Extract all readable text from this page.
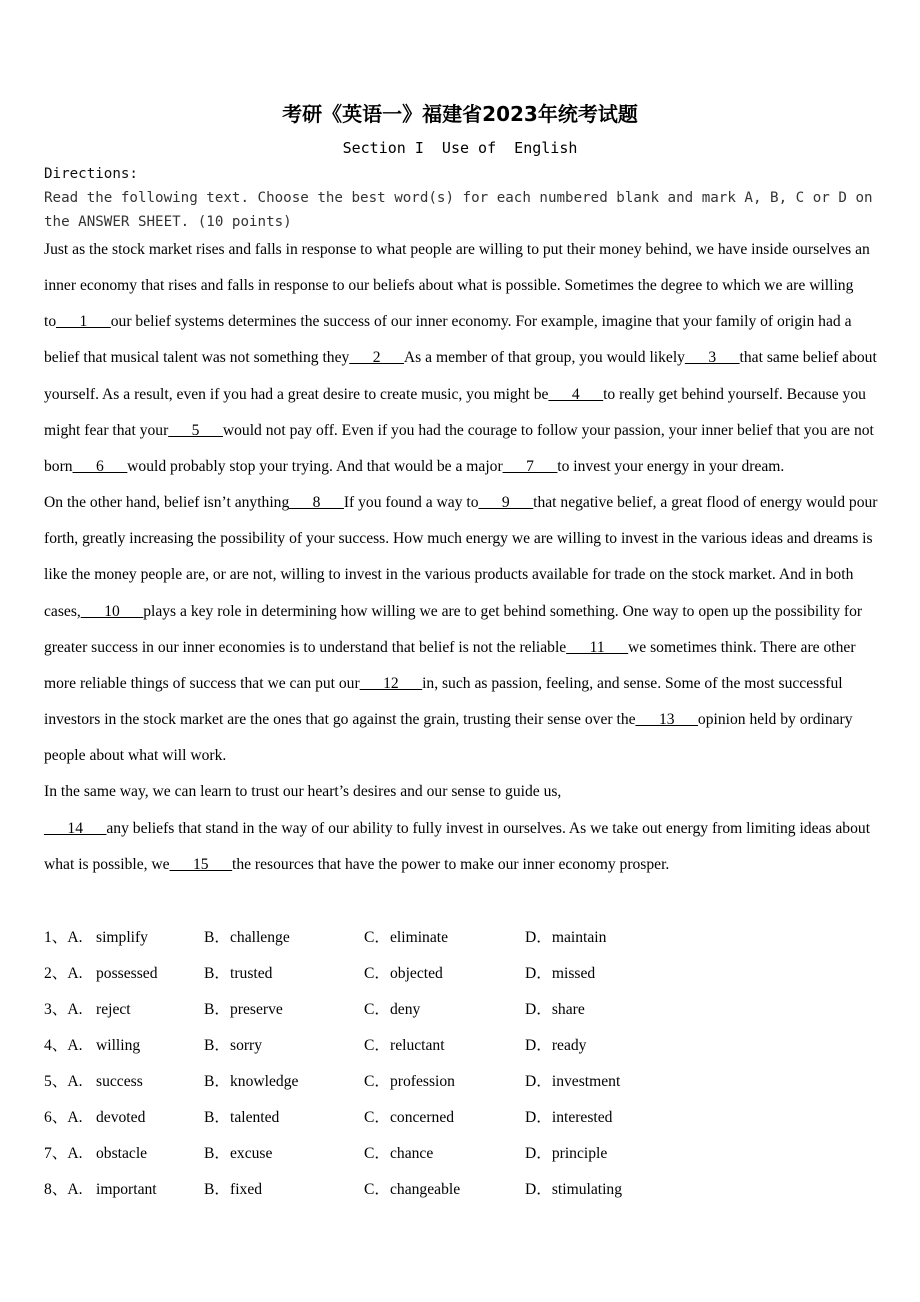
考研《英语一》福建省2023年统考试题
Section I  Use of  English
Directions:
Read the following text. Choose the best word(s) for each numbered blank and mark A, B, C or D on the ANSWER SHEET. (10 points)

Just as the stock market rises and falls in response to what people are willing to put their money behind, we have inside ourselves an inner economy that rises and falls in response to our beliefs about what is possible. Sometimes the degree to which we are willing to___1___our belief systems determines the success of our inner economy. For example, imagine that your family of origin had a belief that musical talent was not something they___2___As a member of that group, you would likely___3___that same belief about yourself. As a result, even if you had a great desire to create music, you might be___4___to really get behind yourself. Because you might fear that your___5___would not pay off. Even if you had the courage to follow your passion, your inner belief that you are not born___6___would probably stop your trying. And that would be a major___7___to invest your energy in your dream.

On the other hand, belief isn’t anything___8___If you found a way to___9___that negative belief, a great flood of energy would pour forth, greatly increasing the possibility of your success. How much energy we are willing to invest in the various ideas and dreams is like the money people are, or are not, willing to invest in the various products available for trade on the stock market. And in both cases,___10___plays a key role in determining how willing we are to get behind something. One way to open up the possibility for greater success in our inner economies is to understand that belief is not the reliable___11___we sometimes think. There are other more reliable things of success that we can put our___12___in, such as passion, feeling, and sense. Some of the most successful investors in the stock market are the ones that go against the grain, trusting their sense over the___13___opinion held by ordinary people about what will work.

In the same way, we can learn to trust our heart’s desires and our sense to guide us,
___14___any beliefs that stand in the way of our ability to fully invest in ourselves. As we take out energy from limiting ideas about what is possible, we___15___the resources that have the power to make our inner economy prosper.

1、A. simplify	B．challenge	C．eliminate	D．maintain
2、A. possessed	B．trusted	C．objected	D．missed
3、A. reject	B．preserve	C．deny	D．share
4、A. willing	B．sorry	C．reluctant	D．ready
5、A. success	B．knowledge	C．profession	D．investment
6、A. devoted	B．talented	C．concerned	D．interested
7、A. obstacle	B．excuse	C．chance	D．principle
8、A. important	B．fixed	C．changeable	D．stimulating
